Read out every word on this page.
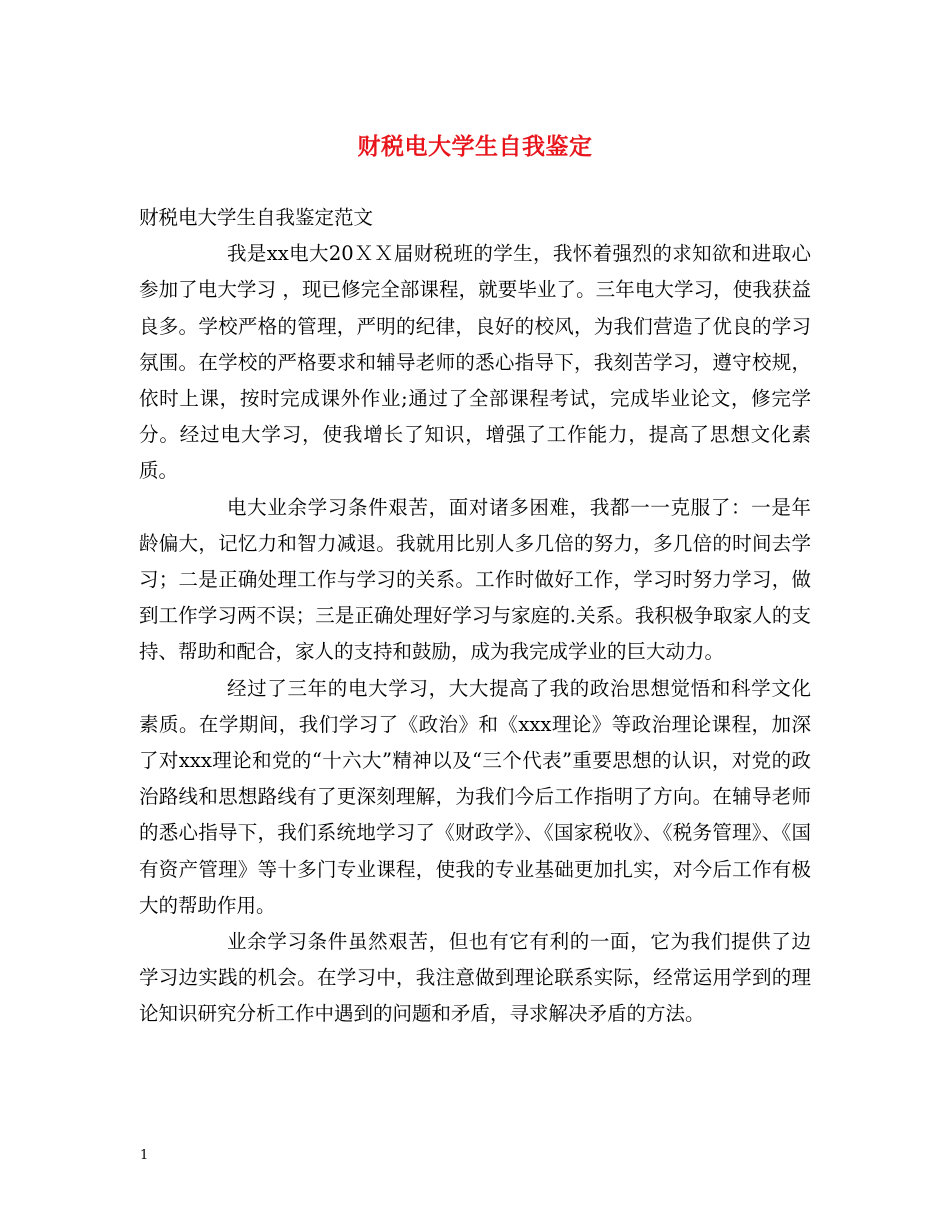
财税电大学生自我鉴定

财税电大学生自我鉴定范文

我是xx电大20ＸＸ届财税班的学生，我怀着强烈的求知欲和进取心参加了电大学习 ，现已修完全部课程，就要毕业了。三年电大学习，使我获益良多。学校严格的管理，严明的纪律，良好的校风，为我们营造了优良的学习氛围。在学校的严格要求和辅导老师的悉心指导下，我刻苦学习，遵守校规，依时上课，按时完成课外作业;通过了全部课程考试，完成毕业论文，修完学分。经过电大学习，使我增长了知识，增强了工作能力，提高了思想文化素质。

电大业余学习条件艰苦，面对诸多困难，我都一一克服了：一是年龄偏大，记忆力和智力减退。我就用比别人多几倍的努力，多几倍的时间去学习；二是正确处理工作与学习的关系。工作时做好工作，学习时努力学习，做到工作学习两不误；三是正确处理好学习与家庭的.关系。我积极争取家人的支持、帮助和配合，家人的支持和鼓励，成为我完成学业的巨大动力。

经过了三年的电大学习，大大提高了我的政治思想觉悟和科学文化素质。在学期间，我们学习了《政治》和《xxx理论》等政治理论课程，加深了对xxx理论和党的“十六大”精神以及“三个代表”重要思想的认识，对党的政治路线和思想路线有了更深刻理解，为我们今后工作指明了方向。在辅导老师的悉心指导下，我们系统地学习了《财政学》、《国家税收》、《税务管理》、《国有资产管理》等十多门专业课程，使我的专业基础更加扎实，对今后工作有极大的帮助作用。

业余学习条件虽然艰苦，但也有它有利的一面，它为我们提供了边学习边实践的机会。在学习中，我注意做到理论联系实际，经常运用学到的理论知识研究分析工作中遇到的问题和矛盾，寻求解决矛盾的方法。

1
